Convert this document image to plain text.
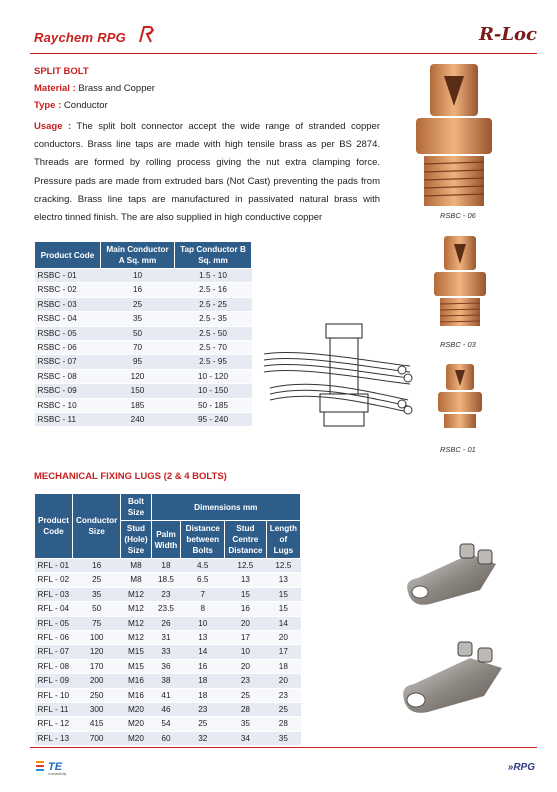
Raychem RPG	R-Loc
SPLIT BOLT
Material : Brass and Copper
Type : Conductor
Usage : The split bolt connector accept the wide range of stranded copper conductors. Brass line taps are made with high tensile brass as per BS 2874. Threads are formed by rolling process giving the nut extra clamping force. Pressure pads are made from extruded bars (Not Cast) preventing the pads from cracking. Brass line taps are manufactured in passivated natural brass with electro tinned finish. The are also supplied in high conductive copper	RSBC - 06
RSBC - 03
RSBC - 01
Product Code	Main Conductor A Sq. mm	Tap Conductor B Sq. mm
RSBC - 01	10	1.5 - 10
RSBC - 02	16	2.5 - 16
RSBC - 03	25	2.5 - 25
RSBC - 04	35	2.5 - 35
RSBC - 05	50	2.5 - 50
RSBC - 06	70	2.5 - 70
RSBC - 07	95	2.5 - 95
RSBC - 08	120	10 - 120
RSBC - 09	150	10 - 150
RSBC - 10	185	50 - 185
RSBC - 11	240	95 - 240
MECHANICAL FIXING LUGS (2 & 4 BOLTS)
Product Code	Conductor Size	Bolt Size	Dimensions mm			
		Stud (Hole) Size	Palm Width	Distance between Bolts	Stud Centre Distance	Length of Lugs
RFL - 01	16	M8	18	4.5	12.5	12.5
RFL - 02	25	M8	18.5	6.5	13	13
RFL - 03	35	M12	23	7	15	15
RFL - 04	50	M12	23.5	8	16	15
RFL - 05	75	M12	26	10	20	14
RFL - 06	100	M12	31	13	17	20
RFL - 07	120	M15	33	14	10	17
RFL - 08	170	M15	36	16	20	18
RFL - 09	200	M16	38	18	23	20
RFL - 10	250	M16	41	18	25	23
RFL - 11	300	M20	46	23	28	25
RFL - 12	415	M20	54	25	35	28
RFL - 13	700	M20	60	32	34	35
TE
connectivity
»RPG
